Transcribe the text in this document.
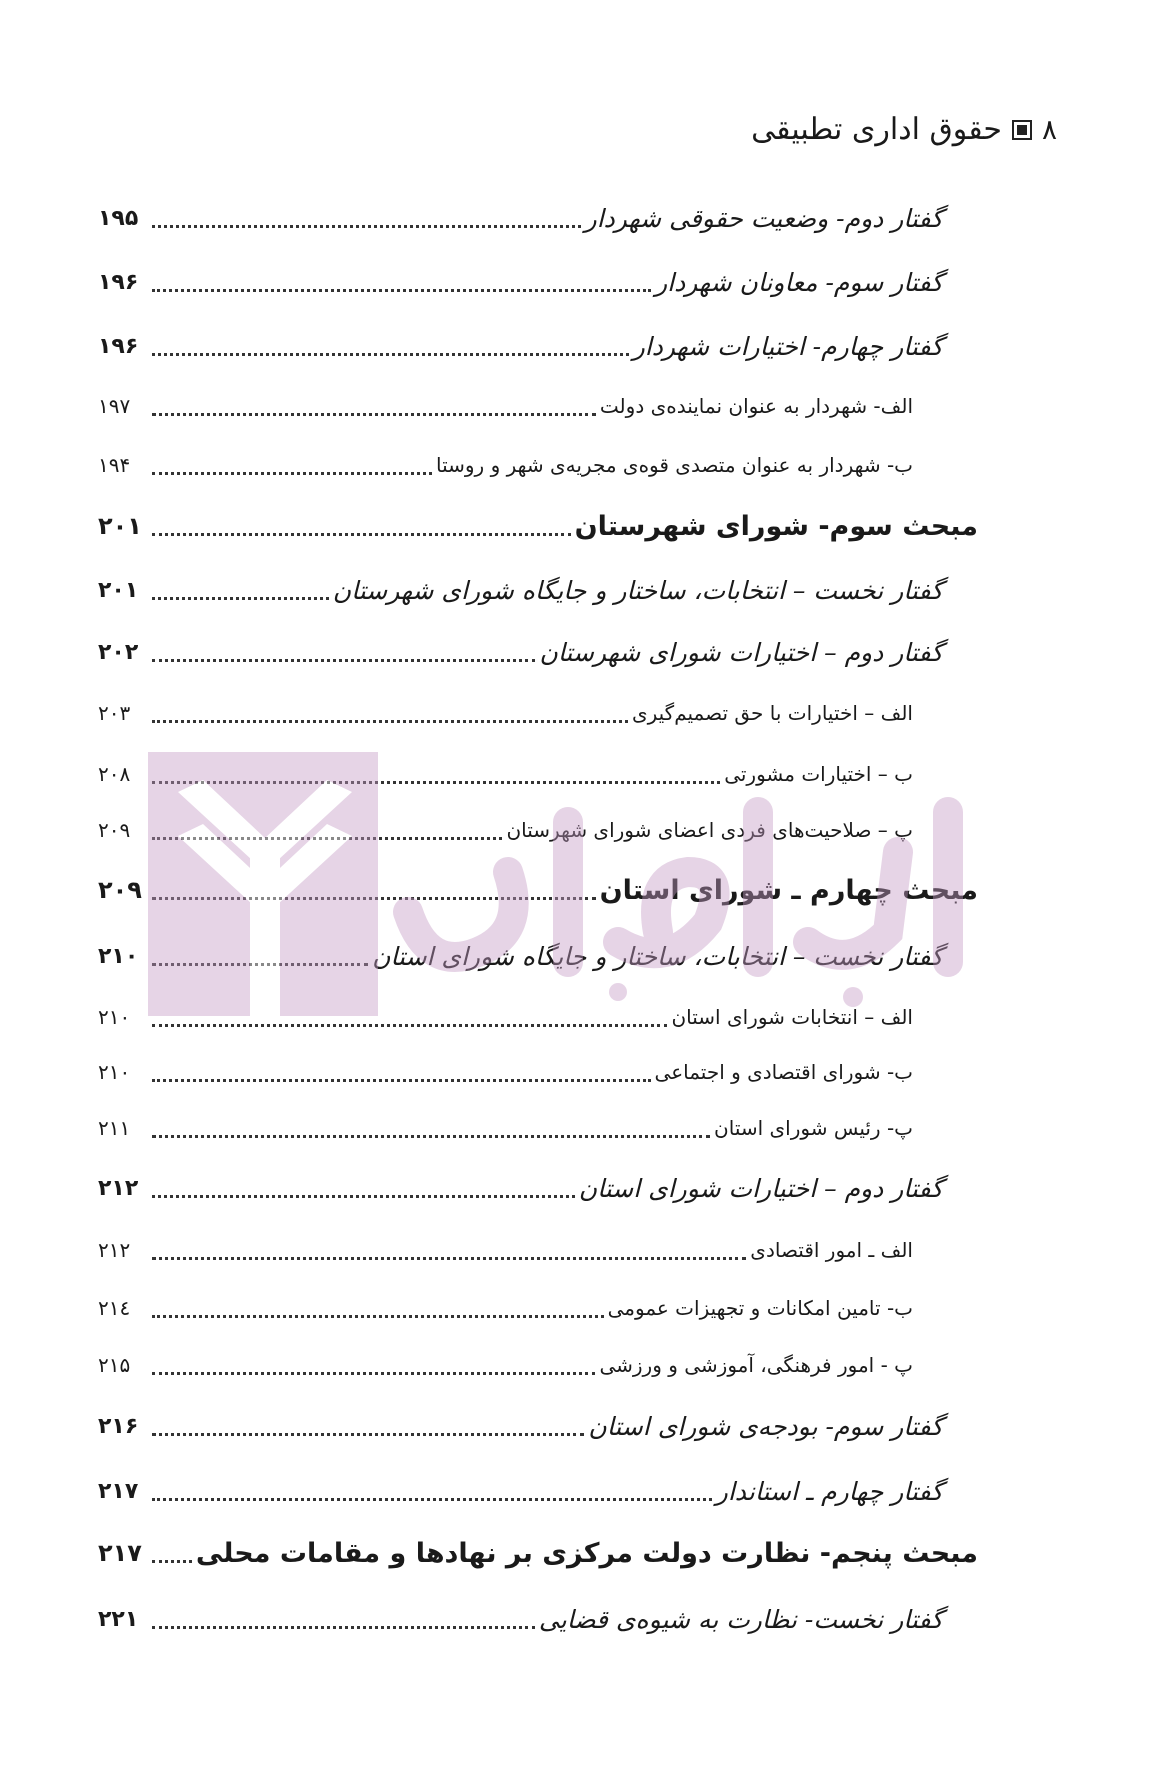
۸
حقوق اداری تطبیقی
۱۹۵	گفتار دوم- وضعیت حقوقی شهردار
۱۹۶	گفتار سوم- معاونان شهردار
۱۹۶	گفتار چهارم- اختیارات شهردار
۱۹۷	الف- شهردار به عنوان نماینده‌ی دولت
۱۹۴	ب- شهردار به عنوان متصدی قوه‌ی مجریه‌ی شهر و روستا
۲۰۱	مبحث سوم- شورای شهرستان
۲۰۱	گفتار نخست – انتخابات، ساختار و جایگاه شورای شهرستان
۲۰۲	گفتار دوم – اختیارات شورای شهرستان
۲۰۳	الف – اختیارات با حق تصمیم‌گیری
۲۰۸	ب – اختیارات مشورتی
۲۰۹	پ – صلاحیت‌های فردی اعضای شورای شهرستان
۲۰۹	مبحث چهارم ـ شورای استان
۲۱۰	گفتار نخست – انتخابات، ساختار و جایگاه شورای استان
۲۱۰	الف – انتخابات شورای استان
۲۱۰	ب- شورای اقتصادی و اجتماعی
۲۱۱	پ- رئیس شورای استان
۲۱۲	گفتار دوم – اختیارات شورای استان
۲۱۲	الف ـ امور اقتصادی
۲۱٤	ب- تامین امکانات و تجهیزات عمومی
۲۱۵	پ - امور فرهنگی، آموزشی و ورزشی
۲۱۶	گفتار سوم- بودجه‌ی شورای استان
۲۱۷	گفتار چهارم ـ استاندار
۲۱۷ مبحث پنجم- نظارت دولت مرکزی بر نهادها و مقامات محلی
۲۲۱	گفتار نخست- نظارت به شیوه‌ی قضایی
